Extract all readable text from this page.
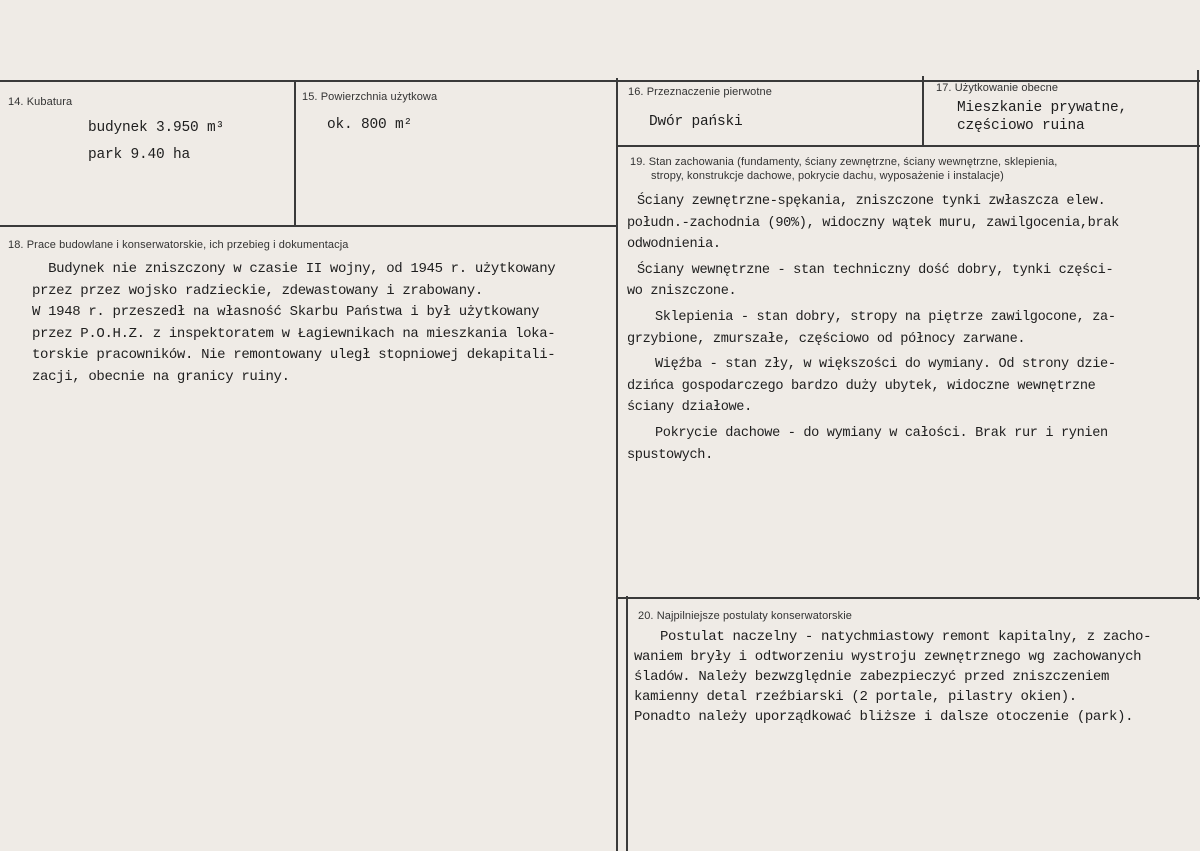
14. Kubatura
budynek 3.950 m³
park 9.40 ha
15. Powierzchnia użytkowa
ok. 800 m²
16. Przeznaczenie pierwotne
Dwór pański
17. Użytkowanie obecne
Mieszkanie prywatne,
częściowo ruina
18. Prace budowlane i konserwatorskie, ich przebieg i dokumentacja
Budynek nie zniszczony w czasie II wojny, od 1945 r. użytkowany
przez przez wojsko radzieckie, zdewastowany i zrabowany.
W 1948 r. przeszedł na własność Skarbu Państwa i był użytkowany
przez P.O.H.Z. z inspektoratem w Łagiewnikach na mieszkania loka-
torskie pracowników. Nie remontowany uległ stopniowej dekapitali-
zacji, obecnie na granicy ruiny.
19. Stan zachowania (fundamenty, ściany zewnętrzne, ściany wewnętrzne, sklepienia,
stropy, konstrukcje dachowe, pokrycie dachu, wyposażenie i instalacje)
Ściany zewnętrzne-spękania, zniszczone tynki zwłaszcza elew.
połudn.-zachodnia (90%), widoczny wątek muru, zawilgocenia,brak
odwodnienia.
Ściany wewnętrzne - stan techniczny dość dobry, tynki części-
wo zniszczone.
Sklepienia - stan dobry, stropy na piętrze zawilgocone, za-
grzybione, zmurszałe, częściowo od północy zarwane.
Więźba - stan zły, w większości do wymiany. Od strony dzie-
dzińca gospodarczego bardzo duży ubytek, widoczne wewnętrzne
ściany działowe.
Pokrycie dachowe - do wymiany w całości. Brak rur i rynien
spustowych.
20. Najpilniejsze postulaty konserwatorskie
Postulat naczelny - natychmiastowy remont kapitalny, z zacho-
waniem bryły i odtworzeniu wystroju zewnętrznego wg zachowanych
śladów. Należy bezwzględnie zabezpieczyć przed zniszczeniem
kamienny detal rzeźbiarski (2 portale, pilastry okien).
Ponadto należy uporządkować bliższe i dalsze otoczenie (park).
